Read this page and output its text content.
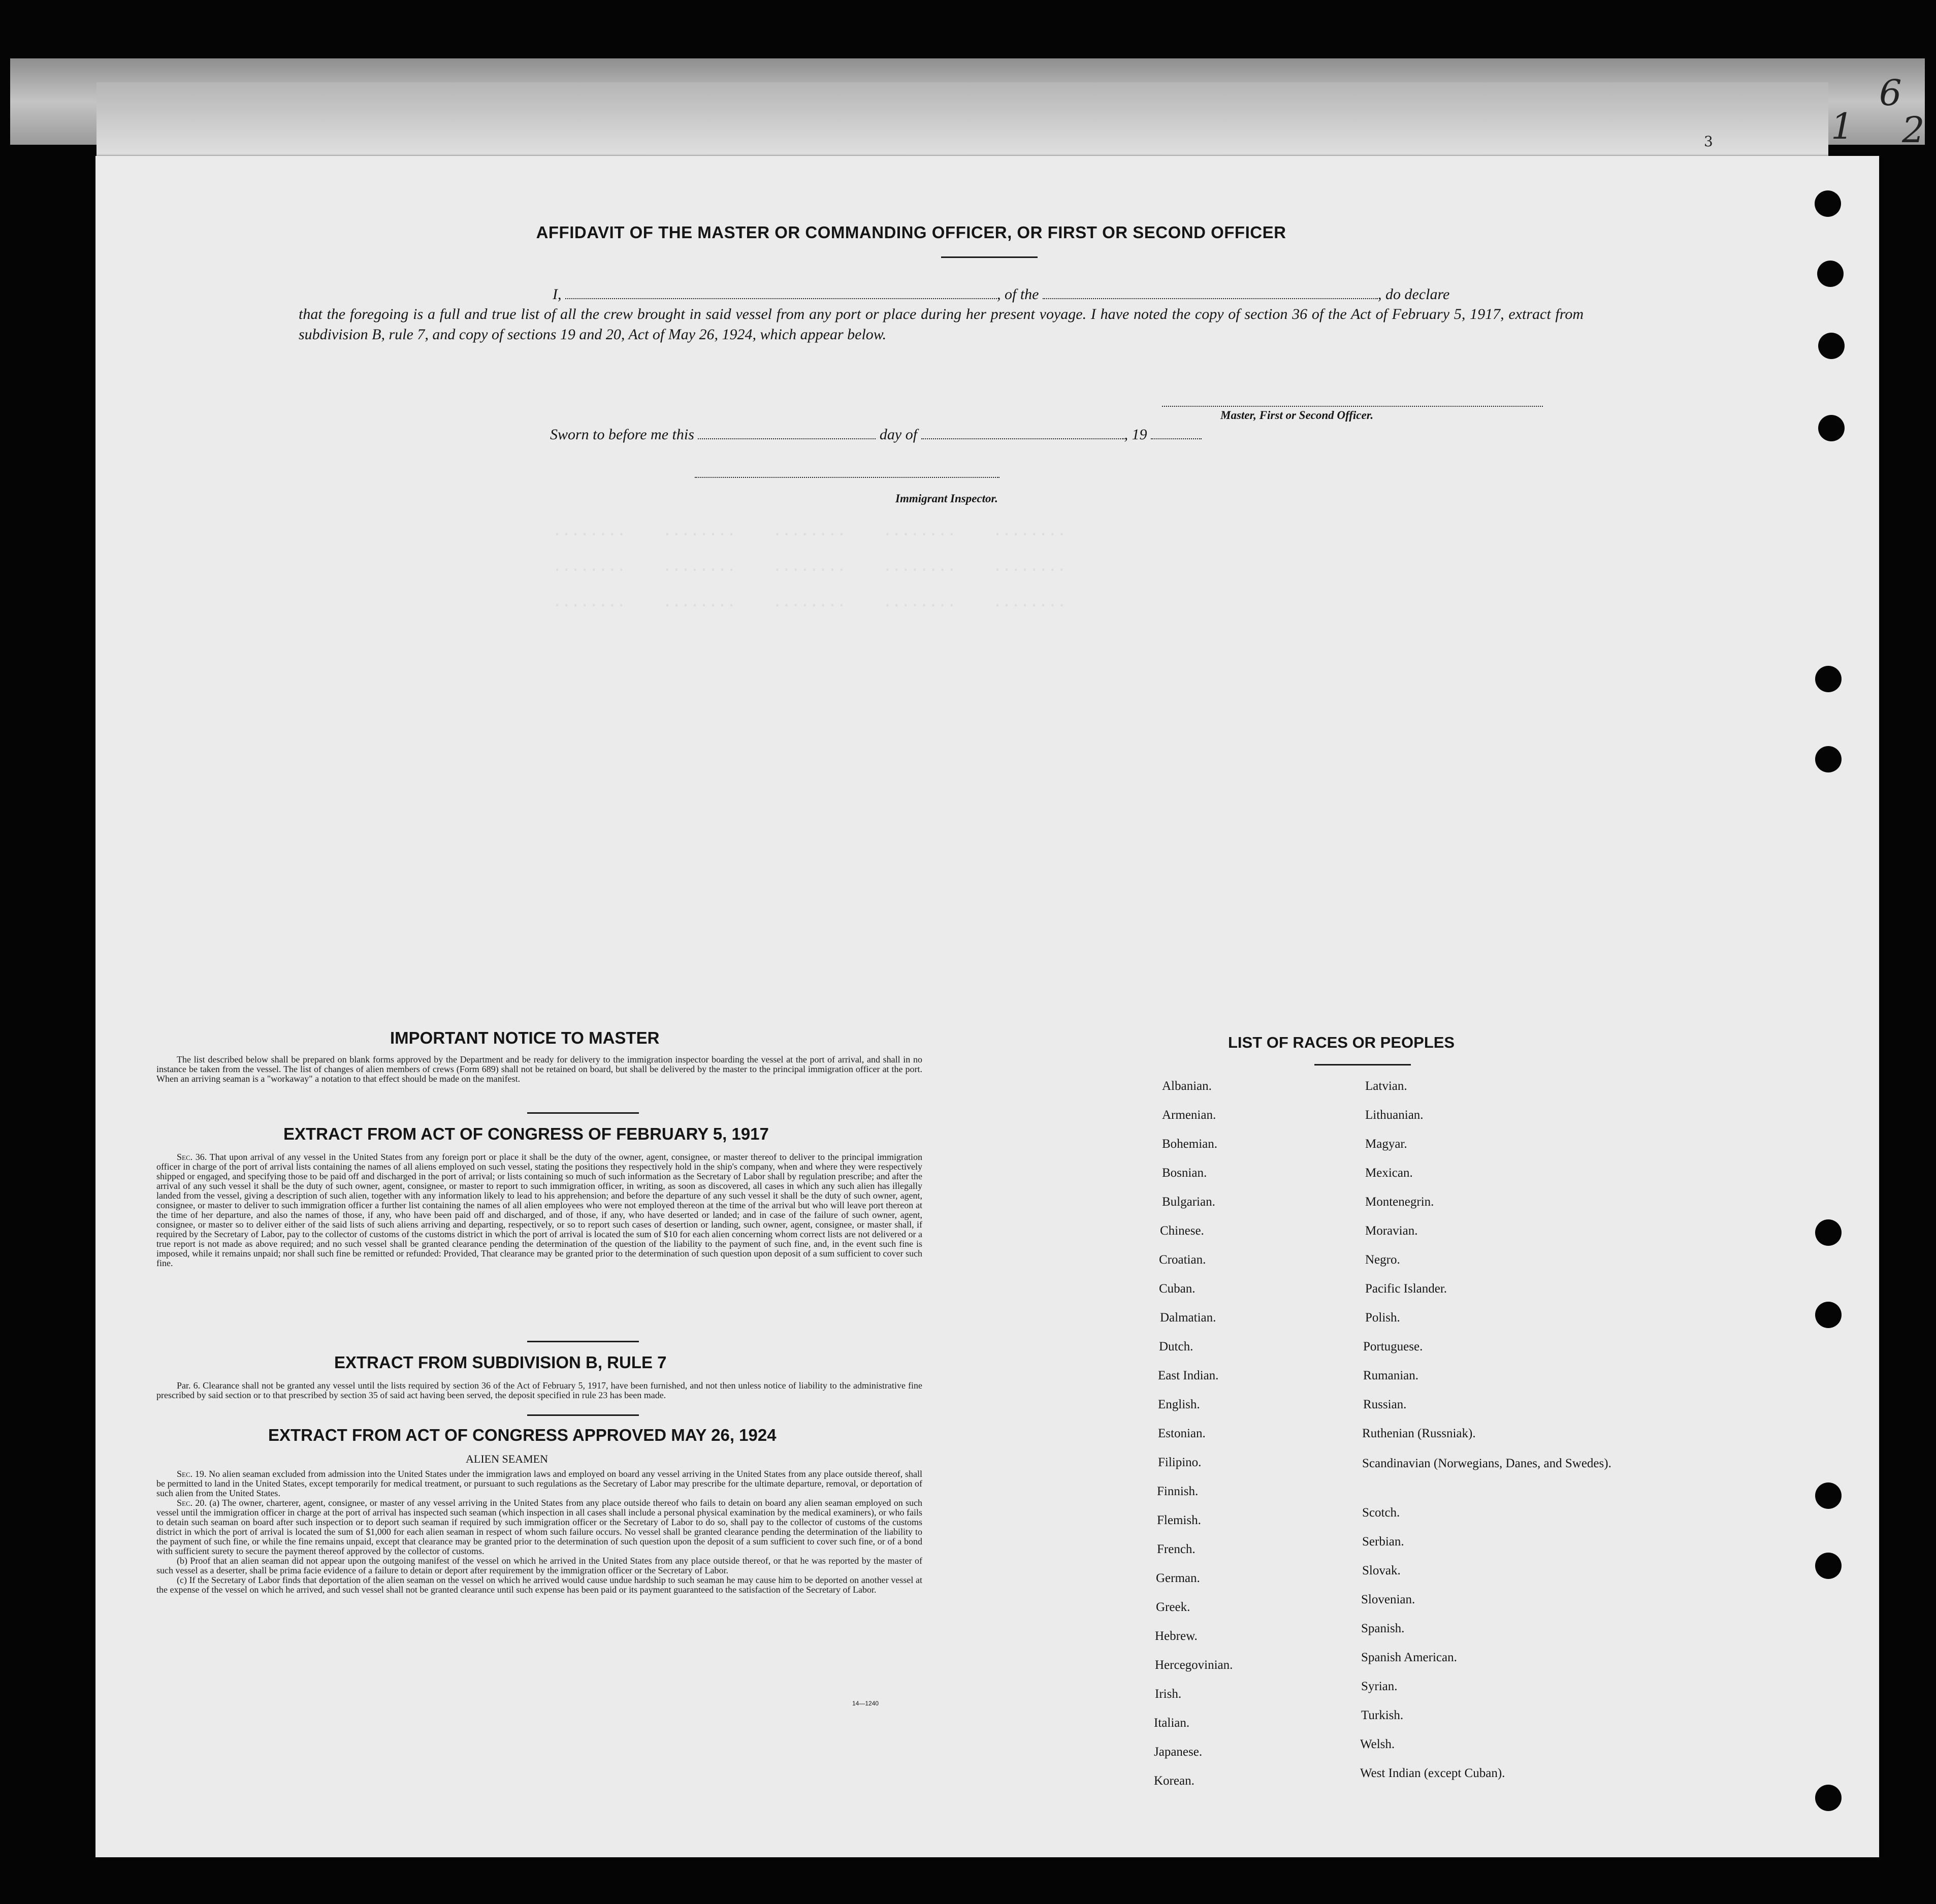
1
6
2
3
........    ........    ........    ........    ........

........    ........    ........    ........    ........

........    ........    ........    ........    ........
AFFIDAVIT OF THE MASTER OR COMMANDING OFFICER, OR FIRST OR SECOND OFFICER
I,	, of the	, do declare
that the foregoing is a full and true list of all the crew brought in said vessel from any port or place during her present voyage. I have noted the copy of section 36 of the Act of February 5, 1917, extract from subdivision B, rule 7, and copy of sections 19 and 20, Act of May 26, 1924, which appear below.
Master, First or Second Officer.
Sworn to before me this	day of	, 19
Immigrant Inspector.
IMPORTANT NOTICE TO MASTER

The list described below shall be prepared on blank forms approved by the Department and be ready for delivery to the immigration inspector boarding the vessel at the port of arrival, and shall in no instance be taken from the vessel. The list of changes of alien members of crews (Form 689) shall not be retained on board, but shall be delivered by the master to the principal immigration officer at the port. When an arriving seaman is a "workaway" a notation to that effect should be made on the manifest.

EXTRACT FROM ACT OF CONGRESS OF FEBRUARY 5, 1917

Sec. 36. That upon arrival of any vessel in the United States from any foreign port or place it shall be the duty of the owner, agent, consignee, or master thereof to deliver to the principal immigration officer in charge of the port of arrival lists containing the names of all aliens employed on such vessel, stating the positions they respectively hold in the ship's company, when and where they were respectively shipped or engaged, and specifying those to be paid off and discharged in the port of arrival; or lists containing so much of such information as the Secretary of Labor shall by regulation prescribe; and after the arrival of any such vessel it shall be the duty of such owner, agent, consignee, or master to report to such immigration officer, in writing, as soon as discovered, all cases in which any such alien has illegally landed from the vessel, giving a description of such alien, together with any information likely to lead to his apprehension; and before the departure of any such vessel it shall be the duty of such owner, agent, consignee, or master to deliver to such immigration officer a further list containing the names of all alien employees who were not employed thereon at the time of the arrival but who will leave port thereon at the time of her departure, and also the names of those, if any, who have been paid off and discharged, and of those, if any, who have deserted or landed; and in case of the failure of such owner, agent, consignee, or master so to deliver either of the said lists of such aliens arriving and departing, respectively, or so to report such cases of desertion or landing, such owner, agent, consignee, or master shall, if required by the Secretary of Labor, pay to the collector of customs of the customs district in which the port of arrival is located the sum of $10 for each alien concerning whom correct lists are not delivered or a true report is not made as above required; and no such vessel shall be granted clearance pending the determination of the question of the liability to the payment of such fine, and, in the event such fine is imposed, while it remains unpaid; nor shall such fine be remitted or refunded: Provided, That clearance may be granted prior to the determination of such question upon deposit of a sum sufficient to cover such fine.

EXTRACT FROM SUBDIVISION B, RULE 7

Par. 6. Clearance shall not be granted any vessel until the lists required by section 36 of the Act of February 5, 1917, have been furnished, and not then unless notice of liability to the administrative fine prescribed by said section or to that prescribed by section 35 of said act having been served, the deposit specified in rule 23 has been made.

EXTRACT FROM ACT OF CONGRESS APPROVED MAY 26, 1924
ALIEN SEAMEN

Sec. 19. No alien seaman excluded from admission into the United States under the immigration laws and employed on board any vessel arriving in the United States from any place outside thereof, shall be permitted to land in the United States, except temporarily for medical treatment, or pursuant to such regulations as the Secretary of Labor may prescribe for the ultimate departure, removal, or deportation of such alien from the United States.

Sec. 20. (a) The owner, charterer, agent, consignee, or master of any vessel arriving in the United States from any place outside thereof who fails to detain on board any alien seaman employed on such vessel until the immigration officer in charge at the port of arrival has inspected such seaman (which inspection in all cases shall include a personal physical examination by the medical examiners), or who fails to detain such seaman on board after such inspection or to deport such seaman if required by such immigration officer or the Secretary of Labor to do so, shall pay to the collector of customs of the customs district in which the port of arrival is located the sum of $1,000 for each alien seaman in respect of whom such failure occurs. No vessel shall be granted clearance pending the determination of the liability to the payment of such fine, or while the fine remains unpaid, except that clearance may be granted prior to the determination of such question upon the deposit of a sum sufficient to cover such fine, or of a bond with sufficient surety to secure the payment thereof approved by the collector of customs.

(b) Proof that an alien seaman did not appear upon the outgoing manifest of the vessel on which he arrived in the United States from any place outside thereof, or that he was reported by the master of such vessel as a deserter, shall be prima facie evidence of a failure to detain or deport after requirement by the immigration officer or the Secretary of Labor.

(c) If the Secretary of Labor finds that deportation of the alien seaman on the vessel on which he arrived would cause undue hardship to such seaman he may cause him to be deported on another vessel at the expense of the vessel on which he arrived, and such vessel shall not be granted clearance until such expense has been paid or its payment guaranteed to the satisfaction of the Secretary of Labor.

14—1240
LIST OF RACES OR PEOPLES
Albanian.
Armenian.
Bohemian.
Bosnian.
Bulgarian.
Chinese.
Croatian.
Cuban.
Dalmatian.
Dutch.
East Indian.
English.
Estonian.
Filipino.
Finnish.
Flemish.
French.
German.
Greek.
Hebrew.
Hercegovinian.
Irish.
Italian.
Japanese.
Korean.
Latvian.
Lithuanian.
Magyar.
Mexican.
Montenegrin.
Moravian.
Negro.
Pacific Islander.
Polish.
Portuguese.
Rumanian.
Russian.
Ruthenian (Russniak).
Scandinavian (Norwegians, Danes, and Swedes).
Scotch.
Serbian.
Slovak.
Slovenian.
Spanish.
Spanish American.
Syrian.
Turkish.
Welsh.
West Indian (except Cuban).
